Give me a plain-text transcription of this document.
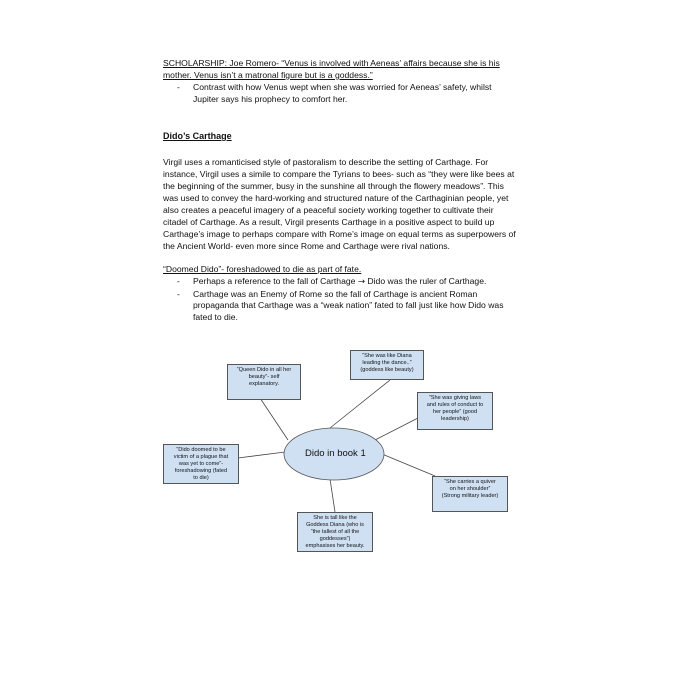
SCHOLARSHIP: Joe Romero- “Venus is involved with Aeneas’ affairs because she is his
mother. Venus isn’t a matronal figure but is a goddess.”
- Contrast with how Venus wept when she was worried for Aeneas’ safety, whilst
Jupiter says his prophecy to comfort her.
Dido’s Carthage
Virgil uses a romanticised style of pastoralism to describe the setting of Carthage. For
instance, Virgil uses a simile to compare the Tyrians to bees- such as “they were like bees at
the beginning of the summer, busy in the sunshine all through the flowery meadows”. This
was used to convey the hard-working and structured nature of the Carthaginian people, yet
also creates a peaceful imagery of a peaceful society working together to cultivate their
citadel of Carthage. As a result, Virgil presents Carthage in a positive aspect to build up
Carthage’s image to perhaps compare with Rome’s image on equal terms as superpowers of
the Ancient World- even more since Rome and Carthage were rival nations.
“Doomed Dido”- foreshadowed to die as part of fate.
- Perhaps a reference to the fall of Carthage → Dido was the ruler of Carthage.
- Carthage was an Enemy of Rome so the fall of Carthage is ancient Roman
propaganda that Carthage was a “weak nation” fated to fall just like how Dido was
fated to die.
Dido in book 1
“Queen Dido in all her
beauty”- self
explanatory.
“She was like Diana
leading the dance..”
(goddess like beauty)
“She was giving laws
and rules of conduct to
her people” (good
leadership)
“Dido doomed to be
victim of a plague that
was yet to come”-
foreshadowing (fated
to die)
“She carries a quiver
on her shoulder”
(Strong military leader)
She is tall like the
Goddess Diana (who is
“the tallest of all the
goddesses”)
emphasises her beauty.
